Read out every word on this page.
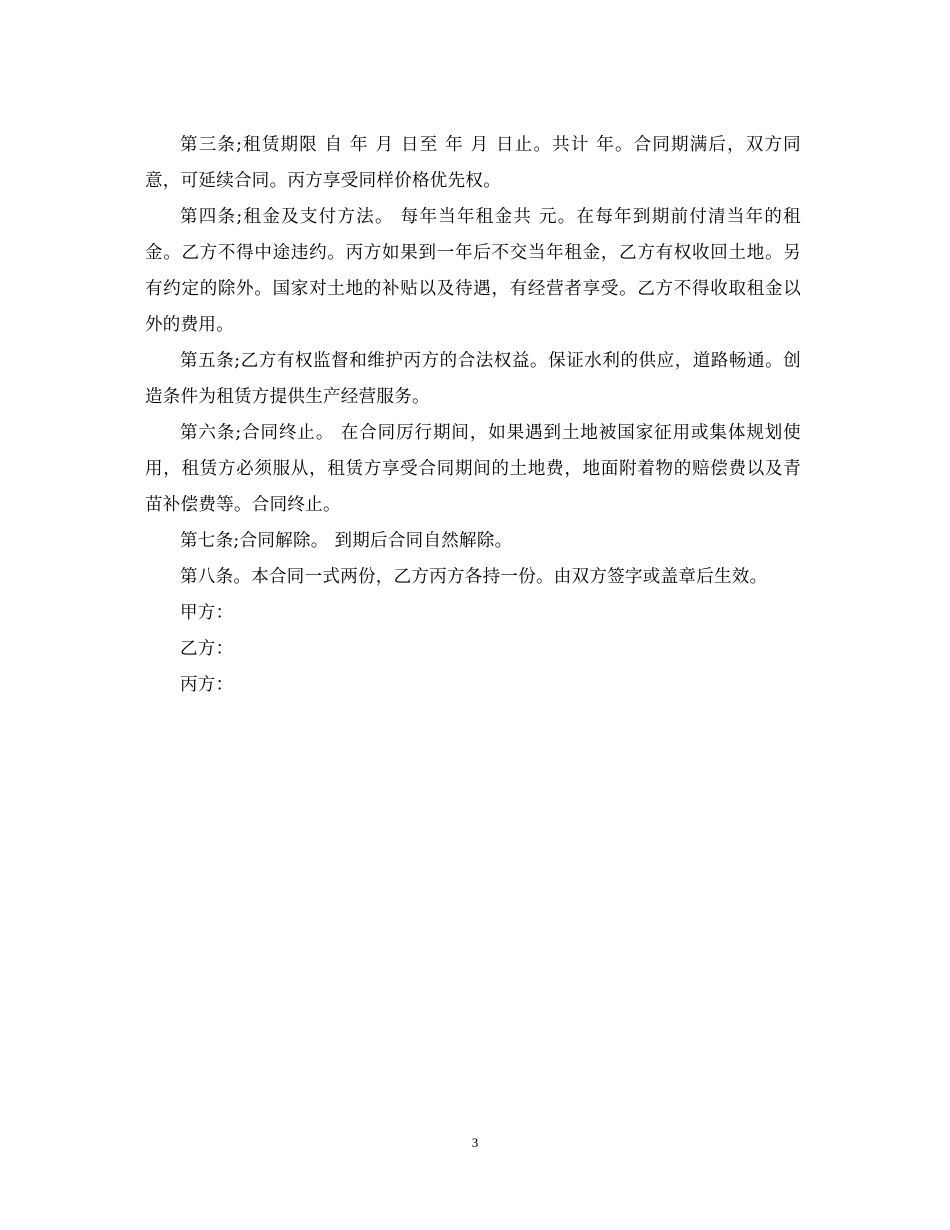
第三条;租赁期限 自 年 月 日至 年 月 日止。共计 年。合同期满后，双方同意，可延续合同。丙方享受同样价格优先权。

第四条;租金及支付方法。 每年当年租金共 元。在每年到期前付清当年的租金。乙方不得中途违约。丙方如果到一年后不交当年租金，乙方有权收回土地。另有约定的除外。国家对土地的补贴以及待遇，有经营者享受。乙方不得收取租金以外的费用。

第五条;乙方有权监督和维护丙方的合法权益。保证水利的供应，道路畅通。创造条件为租赁方提供生产经营服务。

第六条;合同终止。 在合同厉行期间，如果遇到土地被国家征用或集体规划使用，租赁方必须服从，租赁方享受合同期间的土地费，地面附着物的赔偿费以及青苗补偿费等。合同终止。

第七条;合同解除。 到期后合同自然解除。

第八条。本合同一式两份，乙方丙方各持一份。由双方签字或盖章后生效。

甲方：

乙方：

丙方：

3
